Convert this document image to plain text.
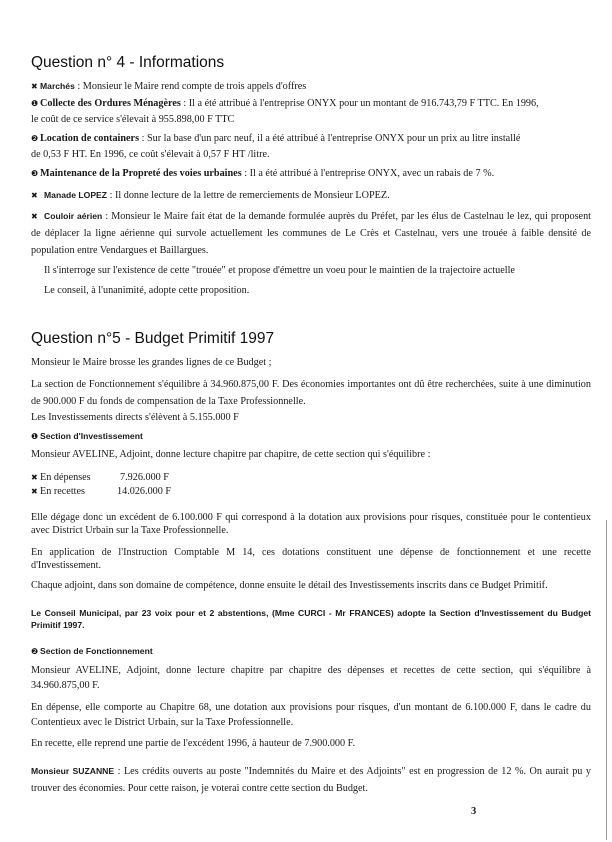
Question n° 4 - Informations
✖ Marchés : Monsieur le Maire rend compte de trois appels d'offres
❶ Collecte des Ordures Ménagères : Il a été attribué à l'entreprise ONYX pour un montant de 916.743,79 F TTC. En 1996,
le coût de ce service s'élevait à 955.898,00 F TTC
❷ Location de containers : Sur la base d'un parc neuf, il a été attribué à l'entreprise ONYX pour un prix au litre installé
de 0,53 F HT. En 1996, ce coût s'élevait à 0,57 F HT /litre.
❸ Maintenance de la Propreté des voies urbaines : Il a été attribué à l'entreprise ONYX, avec un rabais de 7 %.
✖ Manade LOPEZ : Il donne lecture de la lettre de remerciements de Monsieur LOPEZ.
✖ Couloir aérien : Monsieur le Maire fait état de la demande formulée auprès du Préfet, par les élus de Castelnau le lez, qui proposent de déplacer la ligne aérienne qui survole actuellement les communes de Le Crès et Castelnau, vers une trouée à faible densité de population entre Vendargues et Baillargues.
Il s'interroge sur l'existence de cette "trouée" et propose d'émettre un voeu pour le maintien de la trajectoire actuelle
Le conseil, à l'unanimité, adopte cette proposition.
Question n°5 - Budget Primitif 1997
Monsieur le Maire brosse les grandes lignes de ce Budget ;
La section de Fonctionnement s'équilibre à 34.960.875,00 F. Des économies importantes ont dû être recherchées, suite à une diminution de 900.000 F du fonds de compensation de la Taxe Professionnelle.
Les Investissements directs s'élèvent à 5.155.000 F
❶ Section d'Investissement
Monsieur AVELINE, Adjoint, donne lecture chapitre par chapitre, de cette section qui s'équilibre :
✖ En dépenses	7.926.000 F
✖ En recettes	14.026.000 F
Elle dégage donc un excédent de 6.100.000 F qui correspond à la dotation aux provisions pour risques, constituée pour le contentieux avec District Urbain sur la Taxe Professionnelle.
En application de l'Instruction Comptable M 14, ces dotations constituent une dépense de fonctionnement et une recette d'Investissement.
Chaque adjoint, dans son domaine de compétence, donne ensuite le détail des Investissements inscrits dans ce Budget Primitif.
Le Conseil Municipal, par 23 voix pour et 2 abstentions, (Mme CURCI - Mr FRANCES) adopte la Section d'Investissement du Budget Primitif 1997.
❷ Section de Fonctionnement
Monsieur AVELINE, Adjoint, donne lecture chapitre par chapitre des dépenses et recettes de cette section, qui s'équilibre à 34.960.875,00 F.
En dépense, elle comporte au Chapitre 68, une dotation aux provisions pour risques, d'un montant de 6.100.000 F, dans le cadre du Contentieux avec le District Urbain, sur la Taxe Professionnelle.
En recette, elle reprend une partie de l'excédent 1996, à hauteur de 7.900.000 F.
Monsieur SUZANNE : Les crédits ouverts au poste "Indemnités du Maire et des Adjoints" est en progression de 12 %. On aurait pu y trouver des économies. Pour cette raison, je voterai contre cette section du Budget.
3
